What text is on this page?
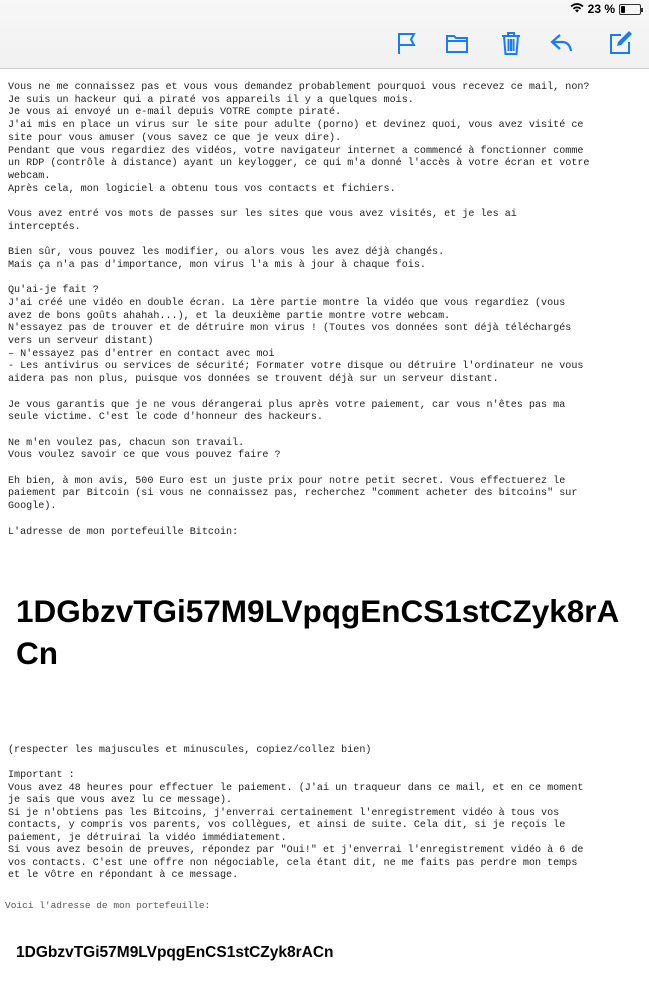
23 %
Vous ne me connaissez pas et vous vous demandez probablement pourquoi vous recevez ce mail, non?
Je suis un hackeur qui a piraté vos appareils il y a quelques mois.
Je vous ai envoyé un e-mail depuis VOTRE compte piraté.
J'ai mis en place un virus sur le site pour adulte (porno) et devinez quoi, vous avez visité ce
site pour vous amuser (vous savez ce que je veux dire).
Pendant que vous regardiez des vidéos, votre navigateur internet a commencé à fonctionner comme
un RDP (contrôle à distance) ayant un keylogger, ce qui m'a donné l'accès à votre écran et votre
webcam.
Après cela, mon logiciel a obtenu tous vos contacts et fichiers.
Vous avez entré vos mots de passes sur les sites que vous avez visités, et je les ai
interceptés.
Bien sûr, vous pouvez les modifier, ou alors vous les avez déjà changés.
Mais ça n'a pas d'importance, mon virus l'a mis à jour à chaque fois.
Qu'ai-je fait ?
J'ai créé une vidéo en double écran. La 1ère partie montre la vidéo que vous regardiez (vous
avez de bons goûts ahahah...), et la deuxième partie montre votre webcam.
N'essayez pas de trouver et de détruire mon virus ! (Toutes vos données sont déjà téléchargés
vers un serveur distant)
– N'essayez pas d'entrer en contact avec moi
- Les antivirus ou services de sécurité; Formater votre disque ou détruire l'ordinateur ne vous
aidera pas non plus, puisque vos données se trouvent déjà sur un serveur distant.
Je vous garantis que je ne vous dérangerai plus après votre paiement, car vous n'êtes pas ma
seule victime. C'est le code d'honneur des hackeurs.
Ne m'en voulez pas, chacun son travail.
Vous voulez savoir ce que vous pouvez faire ?
Eh bien, à mon avis, 500 Euro est un juste prix pour notre petit secret. Vous effectuerez le
paiement par Bitcoin (si vous ne connaissez pas, recherchez "comment acheter des bitcoins" sur
Google).
L'adresse de mon portefeuille Bitcoin:
1DGbzvTGi57M9LVpqgEnCS1stCZyk8rACn
(respecter les majuscules et minuscules, copiez/collez bien)
Important :
Vous avez 48 heures pour effectuer le paiement. (J'ai un traqueur dans ce mail, et en ce moment
je sais que vous avez lu ce message).
Si je n'obtiens pas les Bitcoins, j'enverrai certainement l'enregistrement vidéo à tous vos
contacts, y compris vos parents, vos collègues, et ainsi de suite. Cela dit, si je reçois le
paiement, je détruirai la vidéo immédiatement.
Si vous avez besoin de preuves, répondez par "Oui!" et j'enverrai l'enregistrement vidéo à 6 de
vos contacts. C'est une offre non négociable, cela étant dit, ne me faits pas perdre mon temps
et le vôtre en répondant à ce message.
Voici l'adresse de mon portefeuille:
1DGbzvTGi57M9LVpqgEnCS1stCZyk8rACn
